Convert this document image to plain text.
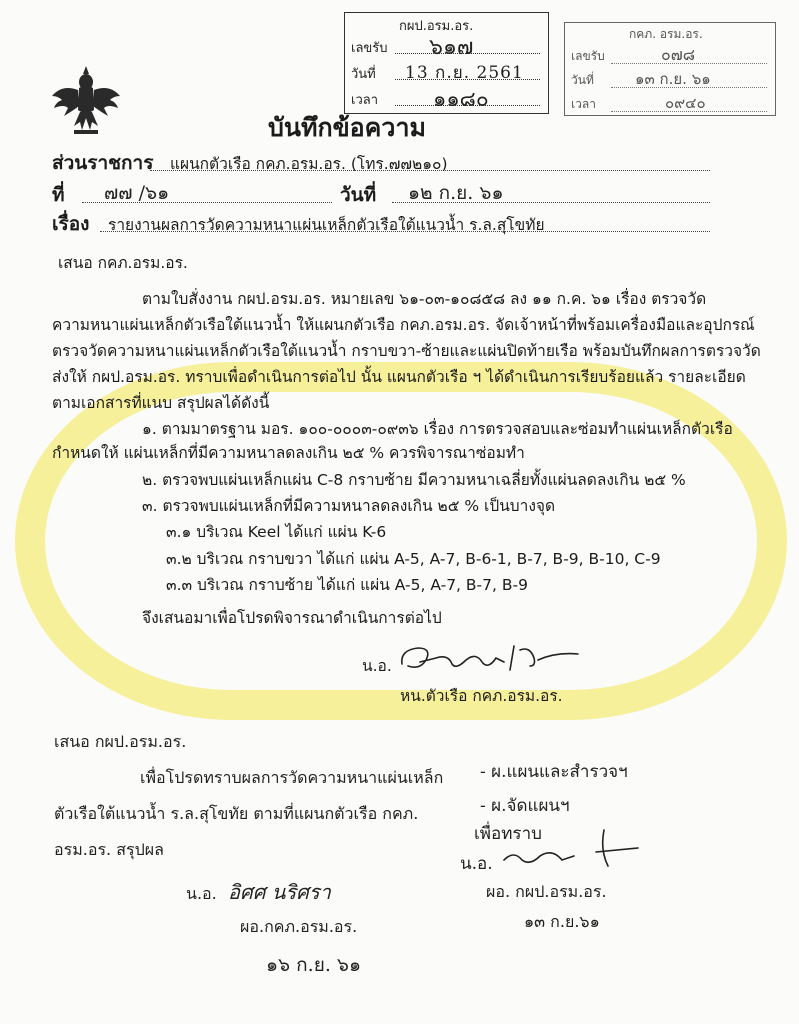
กผป.อรม.อร.
เลขรับ ๖๑๗
วันที่ 13 ก.ย. 2561
เวลา	๑๑๘๐
กคภ. อรม.อร.
เลขรับ	๐๗๘
วันที่	๑๓ ก.ย. ๖๑
เวลา	๐๙๔๐
บันทึกข้อความ
ส่วนราชการ แผนกตัวเรือ กคภ.อรม.อร. (โทร.๗๗๒๑๐)
ที่ ๗๗ /๖๑	วันที่ ๑๒ ก.ย. ๖๑
เรื่อง รายงานผลการวัดความหนาแผ่นเหล็กตัวเรือใต้แนวน้ำ ร.ล.สุโขทัย
เสนอ กคภ.อรม.อร.
ตามใบสั่งงาน กผป.อรม.อร. หมายเลข ๖๑-๐๓-๑๐๘๕๘ ลง ๑๑ ก.ค. ๖๑ เรื่อง ตรวจวัด
ความหนาแผ่นเหล็กตัวเรือใต้แนวน้ำ ให้แผนกตัวเรือ กคภ.อรม.อร. จัดเจ้าหน้าที่พร้อมเครื่องมือและอุปกรณ์
ตรวจวัดความหนาแผ่นเหล็กตัวเรือใต้แนวน้ำ กราบขวา-ซ้ายและแผ่นปิดท้ายเรือ พร้อมบันทึกผลการตรวจวัด
ส่งให้ กผป.อรม.อร. ทราบเพื่อดำเนินการต่อไป นั้น แผนกตัวเรือ ฯ ได้ดำเนินการเรียบร้อยแล้ว รายละเอียด
ตามเอกสารที่แนบ สรุปผลได้ดังนี้
๑. ตามมาตรฐาน มอร. ๑๐๐-๐๐๐๓-๐๙๓๖ เรื่อง การตรวจสอบและซ่อมทำแผ่นเหล็กตัวเรือ
กำหนดให้ แผ่นเหล็กที่มีความหนาลดลงเกิน ๒๕ % ควรพิจารณาซ่อมทำ
๒. ตรวจพบแผ่นเหล็กแผ่น C-8 กราบซ้าย มีความหนาเฉลี่ยทั้งแผ่นลดลงเกิน ๒๕ %
๓. ตรวจพบแผ่นเหล็กที่มีความหนาลดลงเกิน ๒๕ % เป็นบางจุด
๓.๑ บริเวณ Keel ได้แก่ แผ่น K-6
๓.๒ บริเวณ กราบขวา ได้แก่ แผ่น A-5, A-7, B-6-1, B-7, B-9, B-10, C-9
๓.๓ บริเวณ กราบซ้าย ได้แก่ แผ่น A-5, A-7, B-7, B-9
จึงเสนอมาเพื่อโปรดพิจารณาดำเนินการต่อไป
น.อ.
หน.ตัวเรือ กคภ.อรม.อร.
เสนอ กผป.อรม.อร.
เพื่อโปรดทราบผลการวัดความหนาแผ่นเหล็ก
ตัวเรือใต้แนวน้ำ ร.ล.สุโขทัย ตามที่แผนกตัวเรือ กคภ.
อรม.อร. สรุปผล
น.อ. อิศศ นริศรา
ผอ.กคภ.อรม.อร.
๑๖ ก.ย. ๖๑
- ผ.แผนและสำรวจฯ
- ผ.จัดแผนฯ
เพื่อทราบ
น.อ.
ผอ. กผป.อรม.อร.
๑๓ ก.ย.๖๑
